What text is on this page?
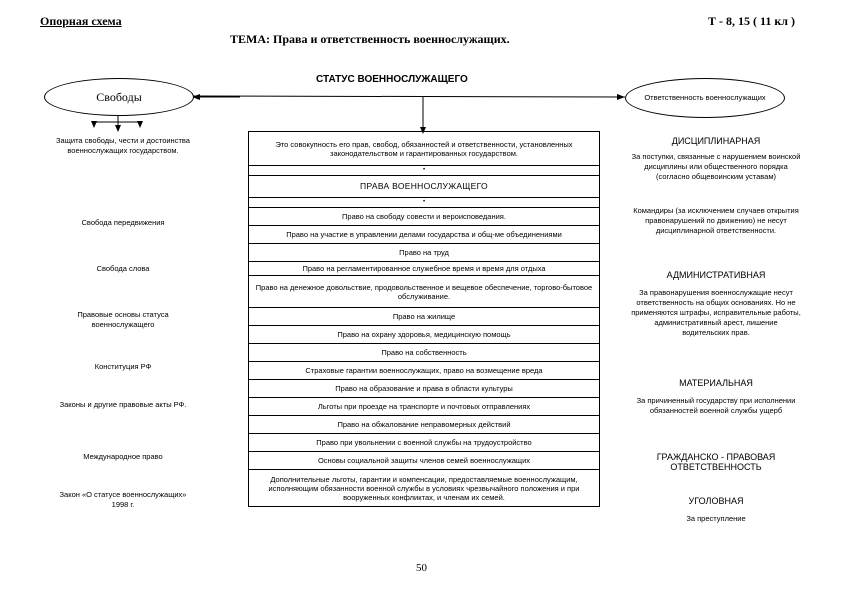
Опорная схема	Т - 8, 15 ( 11 кл )
ТЕМА: Права и ответственность военнослужащих.
СТАТУС ВОЕННОСЛУЖАЩЕГО
Свободы	Ответственность военнослужащих
Защита свободы, чести и достоинства военнослужащих государством.
Свобода передвижения
Свобода слова
Правовые основы статуса военнослужащего
Конституция РФ
Законы и другие правовые акты РФ.
Международное право
Закон «О статусе военнослужащих» 1998 г.
Это совокупность его прав, свобод, обязанностей и ответственности, установленных законодательством и гарантированных государством.
•
ПРАВА ВОЕННОСЛУЖАЩЕГО
•
Право на свободу совести и вероисповедания.
Право на участие в управлении делами государства и общ-ме объединениями
Право на труд
Право на регламентированное служебное время и время для отдыха
Право на денежное довольствие, продовольственное и вещевое обеспечение, торгово-бытовое обслуживание.
Право на жилище
Право на охрану здоровья, медицинскую помощь
Право на собственность
Страховые гарантии военнослужащих, право на возмещение вреда
Право на образование и права в области культуры
Льготы при проезде на транспорте и почтовых отправлениях
Право на обжалование неправомерных действий
Право при увольнении с военной службы на трудоустройство
Основы социальной защиты членов семей военнослужащих
Дополнительные льготы, гарантии и компенсации, предоставляемые военнослужащим, исполняющим обязанности военной службы в условиях чрезвычайного положения и при вооруженных конфликтах, и членам их семей.
ДИСЦИПЛИНАРНАЯ
За поступки, связанные с нарушением воинской дисциплины или общественного порядка (согласно общевоинским уставам)
Командиры (за исключением случаев открытия правонарушений по движению) не несут дисциплинарной ответственности.
АДМИНИСТРАТИВНАЯ
За правонарушения военнослужащие несут ответственность на общих основаниях. Но не применяются штрафы, исправительные работы, административный арест, лишение водительских прав.
МАТЕРИАЛЬНАЯ
За причиненный государству при исполнении обязанностей военной службы ущерб
ГРАЖДАНСКО - ПРАВОВАЯ ОТВЕТСТВЕННОСТЬ
УГОЛОВНАЯ
За преступление
50
